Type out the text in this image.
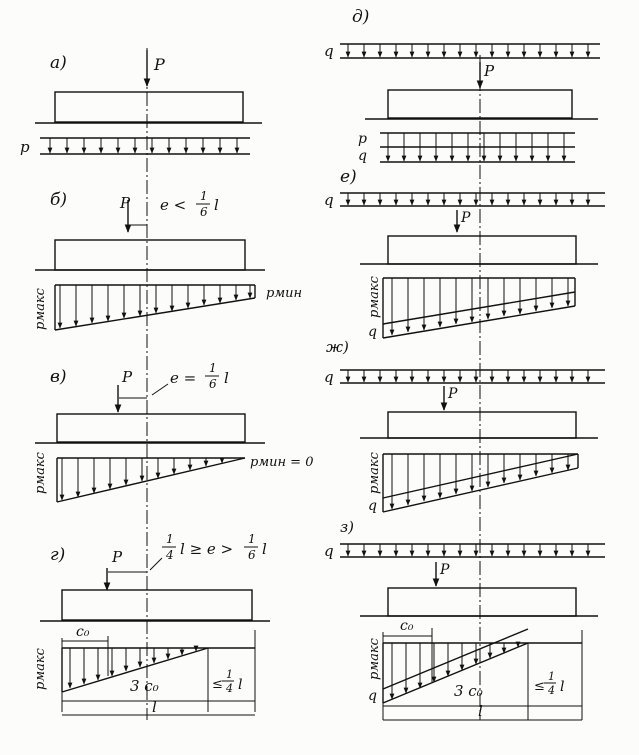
а)	P
p
б)	P e < 1
6 l
pмакс	pмин
в)	P	e =
1
6 l
pмакс	pмин = 0
г)	P
1
4 l ≥ e >
1
6 l
c₀
3 c₀	≤
1
4 l
l
pмакс
д)
q
P
p
q
е)
q
P
pмакс
q
ж)
q
P
pмакс
q
з)
q
P
c₀
3 c₀	≤
1
4 l
l
pмакс
q
